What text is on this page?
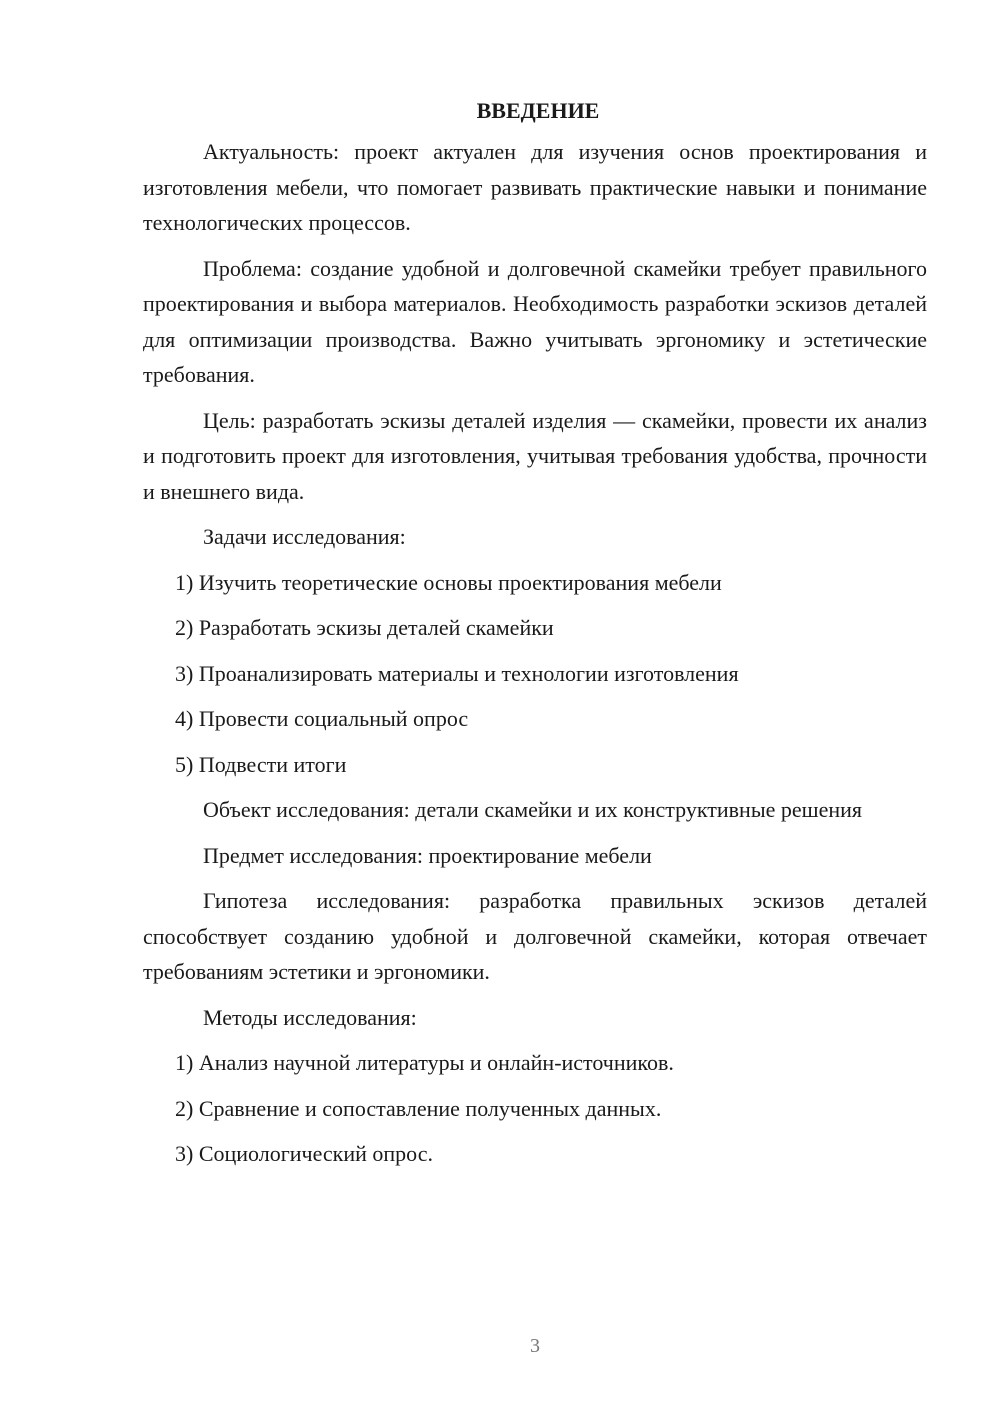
ВВЕДЕНИЕ

Актуальность: проект актуален для изучения основ проектирования и изготовления мебели, что помогает развивать практические навыки и понимание технологических процессов.

Проблема: создание удобной и долговечной скамейки требует правильного проектирования и выбора материалов. Необходимость разработки эскизов деталей для оптимизации производства. Важно учитывать эргономику и эстетические требования.

Цель: разработать эскизы деталей изделия — скамейки, провести их анализ и подготовить проект для изготовления, учитывая требования удобства, прочности и внешнего вида.

Задачи исследования:

1) Изучить теоретические основы проектирования мебели

2) Разработать эскизы деталей скамейки

3) Проанализировать материалы и технологии изготовления

4) Провести социальный опрос

5) Подвести итоги

Объект исследования: детали скамейки и их конструктивные решения

Предмет исследования: проектирование мебели

Гипотеза исследования: разработка правильных эскизов деталей способствует созданию удобной и долговечной скамейки, которая отвечает требованиям эстетики и эргономики.

Методы исследования:

1) Анализ научной литературы и онлайн-источников.

2) Сравнение и сопоставление полученных данных.

3) Социологический опрос.

3
